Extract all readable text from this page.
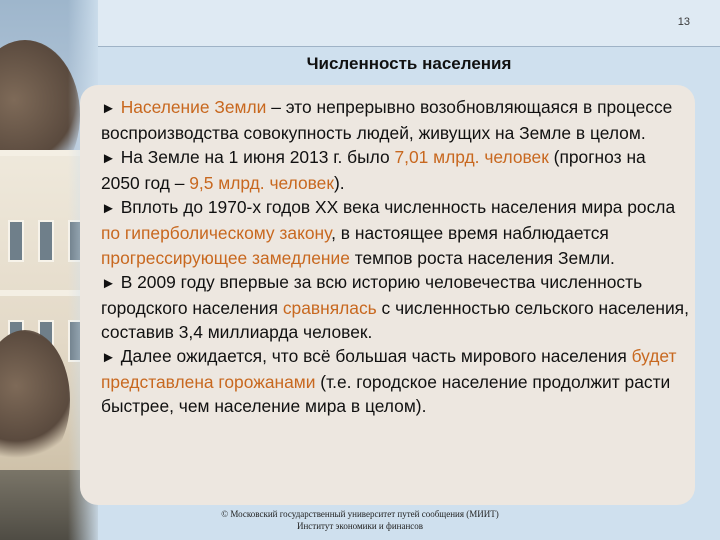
13
Численность населения

► Население Земли – это непрерывно возобновляющаяся в процессе воспроизводства совокупность людей, живущих на Земле в целом.

► На Земле на 1 июня 2013 г. было 7,01 млрд. человек (прогноз на 2050 год – 9,5 млрд. человек).

► Вплоть до 1970-х годов XX века численность населения мира росла по гиперболическому закону, в настоящее время наблюдается прогрессирующее замедление темпов роста населения Земли.

► В 2009 году впервые за всю историю человечества численность городского населения сравнялась с численностью сельского населения, составив 3,4 миллиарда человек.

► Далее ожидается, что всё большая часть мирового населения будет представлена горожанами (т.е. городское население продолжит расти быстрее, чем население мира в целом).

© Московский государственный университет путей сообщения (МИИТ)
Институт экономики и финансов
